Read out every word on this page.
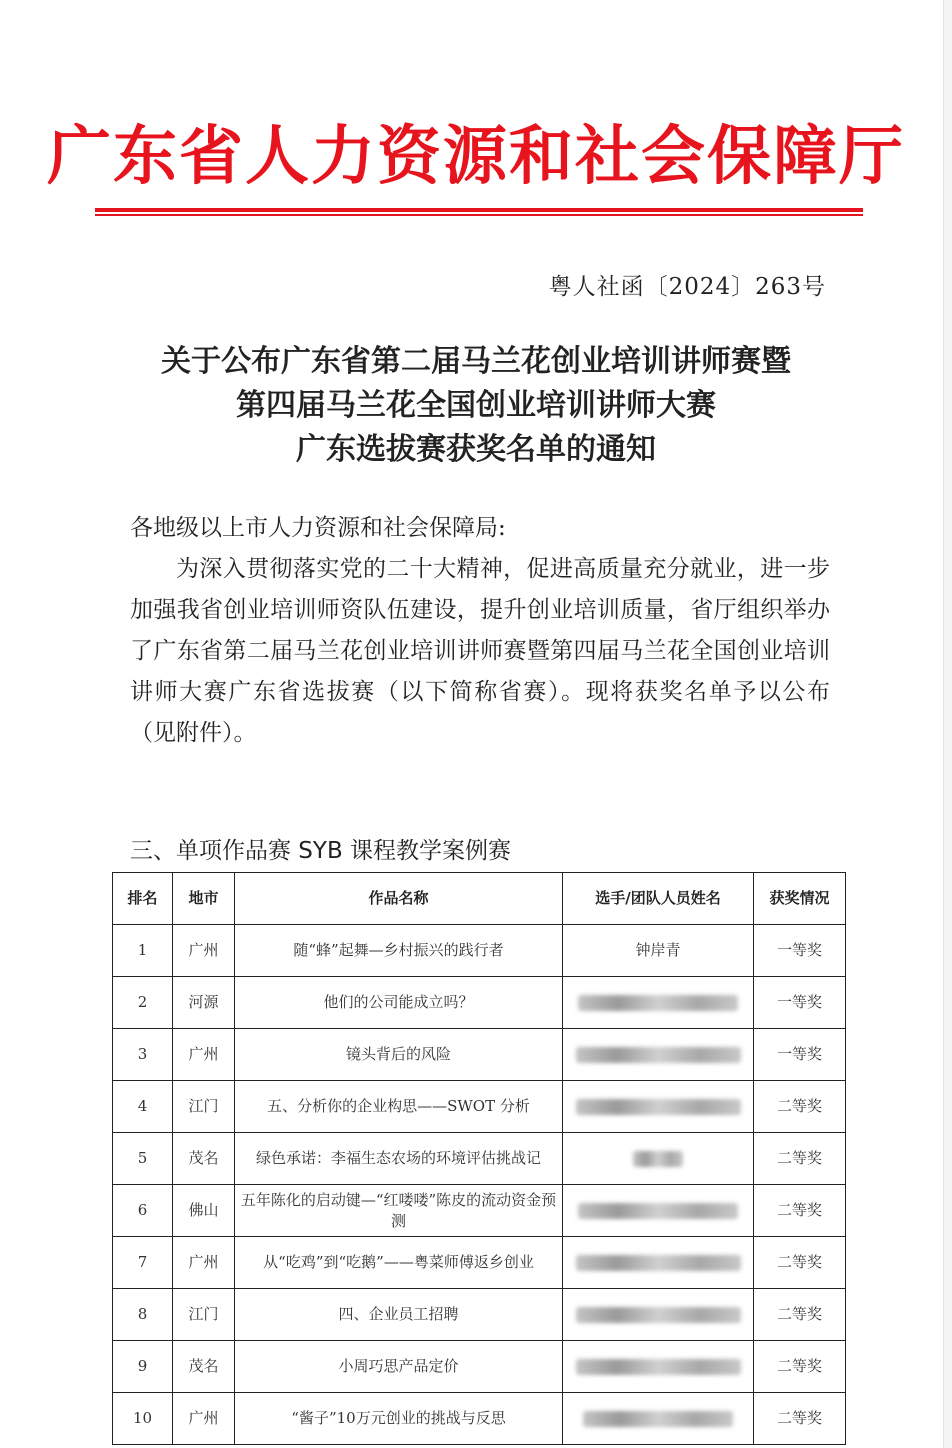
广东省人力资源和社会保障厅
粤人社函〔2024〕263号
关于公布广东省第二届马兰花创业培训讲师赛暨
第四届马兰花全国创业培训讲师大赛
广东选拔赛获奖名单的通知

各地级以上市人力资源和社会保障局:

为深入贯彻落实党的二十大精神，促进高质量充分就业，进一步加强我省创业培训师资队伍建设，提升创业培训质量，省厅组织举办了广东省第二届马兰花创业培训讲师赛暨第四届马兰花全国创业培训讲师大赛广东省选拔赛（以下简称省赛）。现将获奖名单予以公布（见附件）。

三、单项作品赛 SYB 课程教学案例赛
排名	地市	作品名称	选手/团队人员姓名	获奖情况
1	广州	随“蜂”起舞—乡村振兴的践行者	钟岸青	一等奖
2	河源	他们的公司能成立吗？		一等奖
3	广州	镜头背后的风险		一等奖
4	江门	五、分析你的企业构思——SWOT 分析		二等奖
5	茂名	绿色承诺：李福生态农场的环境评估挑战记		二等奖
6	佛山	五年陈化的启动键—“红喽喽”陈皮的流动资金预测		二等奖
7	广州	从“吃鸡”到“吃鹅”——粤菜师傅返乡创业		二等奖
8	江门	四、企业员工招聘		二等奖
9	茂名	小周巧思产品定价		二等奖
10	广州	“酱子”10万元创业的挑战与反思		二等奖
